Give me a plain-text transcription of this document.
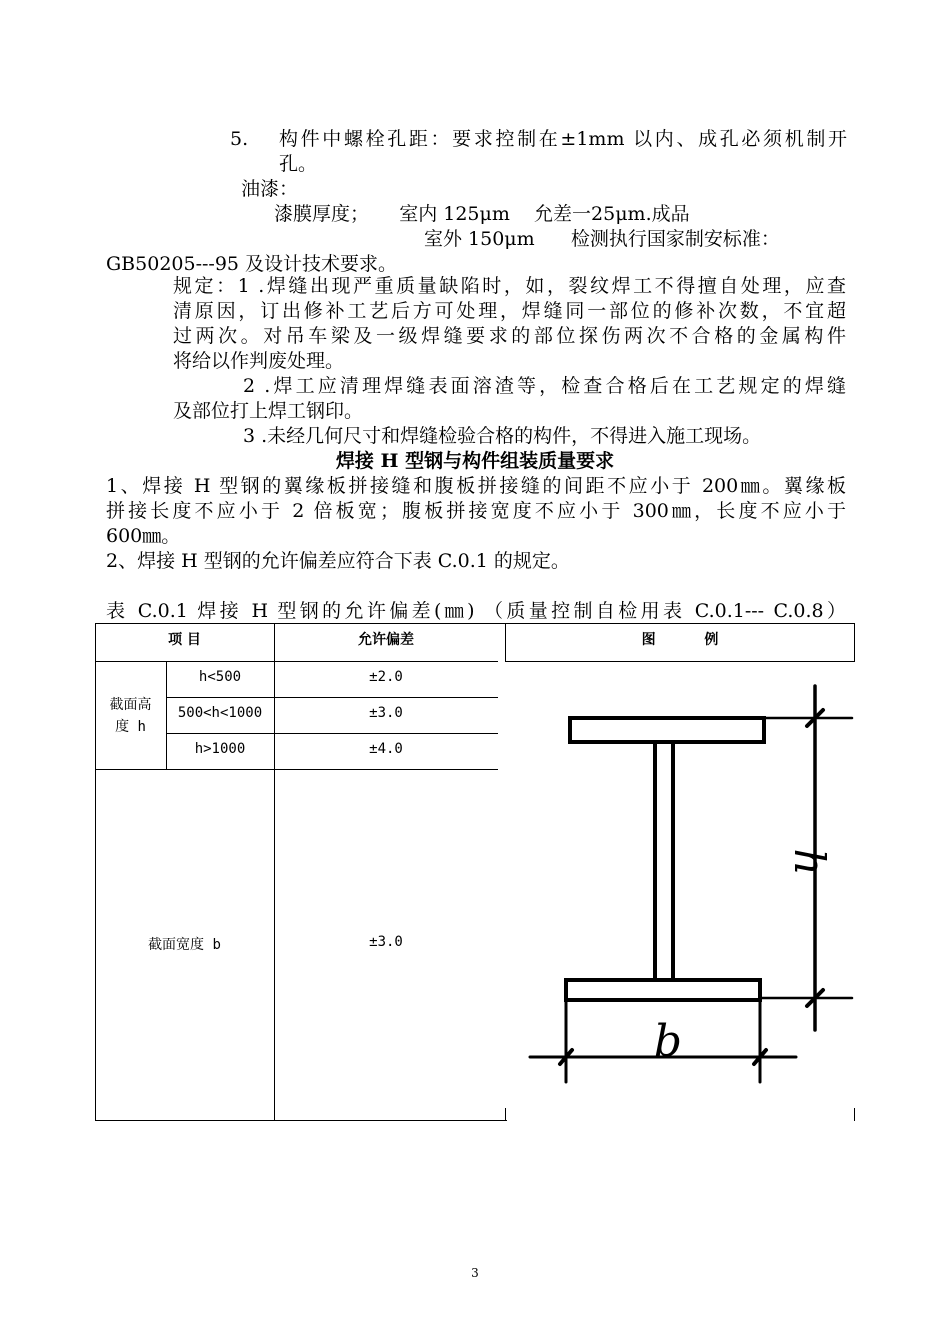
5. 构件中螺栓孔距：要求控制在±1mm 以内、成孔必须机制开
孔。
油漆：
漆膜厚度；     室内 125μm    允差一25μm.成品
室外 150μm      检测执行国家制安标准：
GB50205---95 及设计技术要求。
规定：1 .焊缝出现严重质量缺陷时，如，裂纹焊工不得擅自处理，应查
清原因，订出修补工艺后方可处理，焊缝同一部位的修补次数，不宜超
过两次。对吊车梁及一级焊缝要求的部位探伤两次不合格的金属构件
将给以作判废处理。
2 .焊工应清理焊缝表面溶渣等，检查合格后在工艺规定的焊缝
及部位打上焊工钢印。
3 .未经几何尺寸和焊缝检验合格的构件，不得进入施工现场。
焊接 H 型钢与构件组装质量要求
1、焊接 H 型钢的翼缘板拼接缝和腹板拼接缝的间距不应小于 200㎜。翼缘板
拼接长度不应小于 2 倍板宽；腹板拼接宽度不应小于 300㎜，长度不应小于
600㎜。
2、焊接 H 型钢的允许偏差应符合下表 C.0.1 的规定。
表 C.0.1 焊接 H 型钢的允许偏差(㎜) （质量控制自检用表 C.0.1--- C.0.8）
项 目	允许偏差	图          例
截面高
度 h
h<500	±2.0
500<h<1000	±3.0
h>1000	±4.0
截面宽度 b	±3.0
h
b
3
